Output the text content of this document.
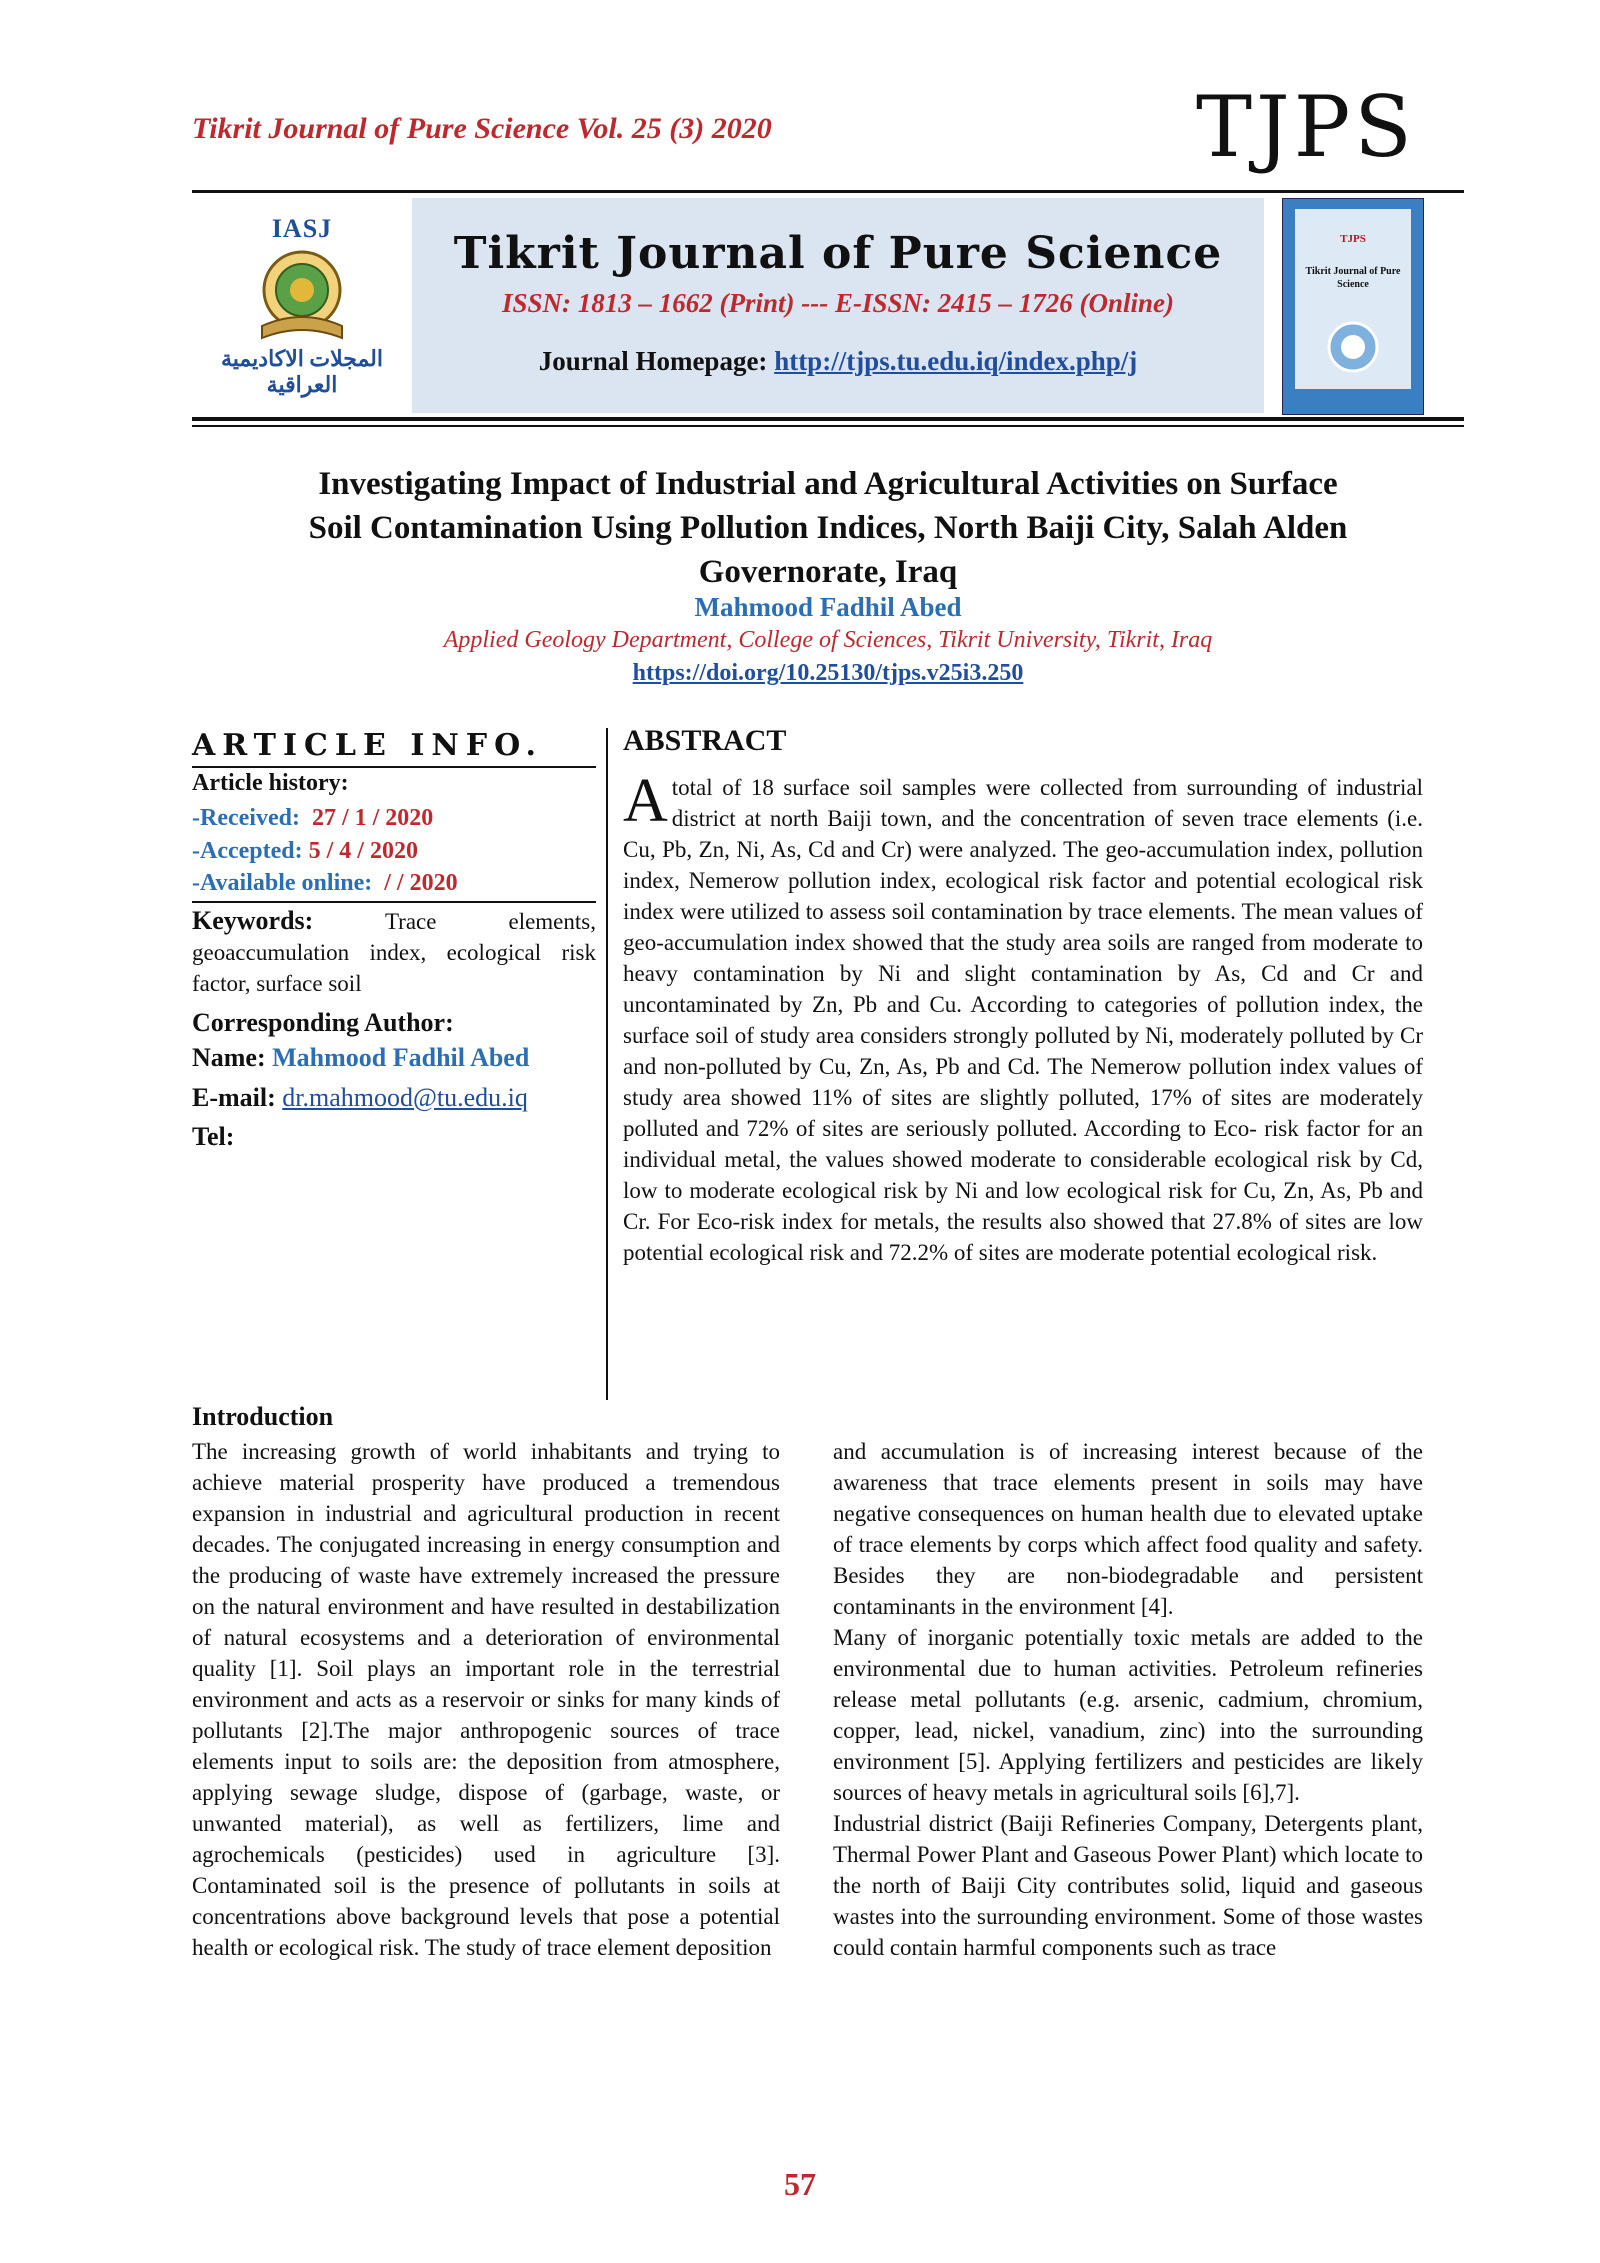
Tikrit Journal of Pure Science Vol. 25 (3) 2020	TJPS
IASJ
المجلات الاكاديمية العراقية
Tikrit Journal of Pure Science
ISSN: 1813 – 1662 (Print) --- E-ISSN: 2415 – 1726 (Online)
Journal Homepage: http://tjps.tu.edu.iq/index.php/j
TJPS
Tikrit Journal of Pure Science
Investigating Impact of Industrial and Agricultural Activities on Surface
Soil Contamination Using Pollution Indices, North Baiji City, Salah Alden
Governorate, Iraq
Mahmood Fadhil Abed
Applied Geology Department, College of Sciences, Tikrit University, Tikrit, Iraq
https://doi.org/10.25130/tjps.v25i3.250
ARTICLE INFO.
Article history:
-Received: 27 / 1 / 2020
-Accepted: 5 / 4 / 2020
-Available online: / / 2020
Keywords:	Trace elements, geoaccumulation index, ecological risk factor, surface soil
Corresponding Author:
Name: Mahmood Fadhil Abed
E-mail: dr.mahmood@tu.edu.iq
Tel:
ABSTRACT
A total of 18 surface soil samples were collected from surrounding of industrial district at north Baiji town, and the concentration of seven trace elements (i.e. Cu, Pb, Zn, Ni, As, Cd and Cr) were analyzed. The geo-accumulation index, pollution index, Nemerow pollution index, ecological risk factor and potential ecological risk index were utilized to assess soil contamination by trace elements. The mean values of geo-accumulation index showed that the study area soils are ranged from moderate to heavy contamination by Ni and slight contamination by As, Cd and Cr and uncontaminated by Zn, Pb and Cu. According to categories of pollution index, the surface soil of study area considers strongly polluted by Ni, moderately polluted by Cr and non-polluted by Cu, Zn, As, Pb and Cd. The Nemerow pollution index values of study area showed 11% of sites are slightly polluted, 17% of sites are moderately polluted and 72% of sites are seriously polluted. According to Eco- risk factor for an individual metal, the values showed moderate to considerable ecological risk by Cd, low to moderate ecological risk by Ni and low ecological risk for Cu, Zn, As, Pb and Cr. For Eco-risk index for metals, the results also showed that 27.8% of sites are low potential ecological risk and 72.2% of sites are moderate potential ecological risk.
Introduction

The increasing growth of world inhabitants and trying to achieve material prosperity have produced a tremendous expansion in industrial and agricultural production in recent decades. The conjugated increasing in energy consumption and the producing of waste have extremely increased the pressure on the natural environment and have resulted in destabilization of natural ecosystems and a deterioration of environmental quality [1]. Soil plays an important role in the terrestrial environment and acts as a reservoir or sinks for many kinds of pollutants [2].The major anthropogenic sources of trace elements input to soils are: the deposition from atmosphere, applying sewage sludge, dispose of (garbage, waste, or unwanted material), as well as fertilizers, lime and agrochemicals (pesticides) used in agriculture [3]. Contaminated soil is the presence of pollutants in soils at concentrations above background levels that pose a potential health or ecological risk. The study of trace element deposition

and accumulation is of increasing interest because of the awareness that trace elements present in soils may have negative consequences on human health due to elevated uptake of trace elements by corps which affect food quality and safety. Besides they are non-biodegradable and persistent contaminants in the environment [4].

Many of inorganic potentially toxic metals are added to the environmental due to human activities. Petroleum refineries release metal pollutants (e.g. arsenic, cadmium, chromium, copper, lead, nickel, vanadium, zinc) into the surrounding environment [5]. Applying fertilizers and pesticides are likely sources of heavy metals in agricultural soils [6],7].

Industrial district (Baiji Refineries Company, Detergents plant, Thermal Power Plant and Gaseous Power Plant) which locate to the north of Baiji City contributes solid, liquid and gaseous wastes into the surrounding environment. Some of those wastes could contain harmful components such as trace

57
